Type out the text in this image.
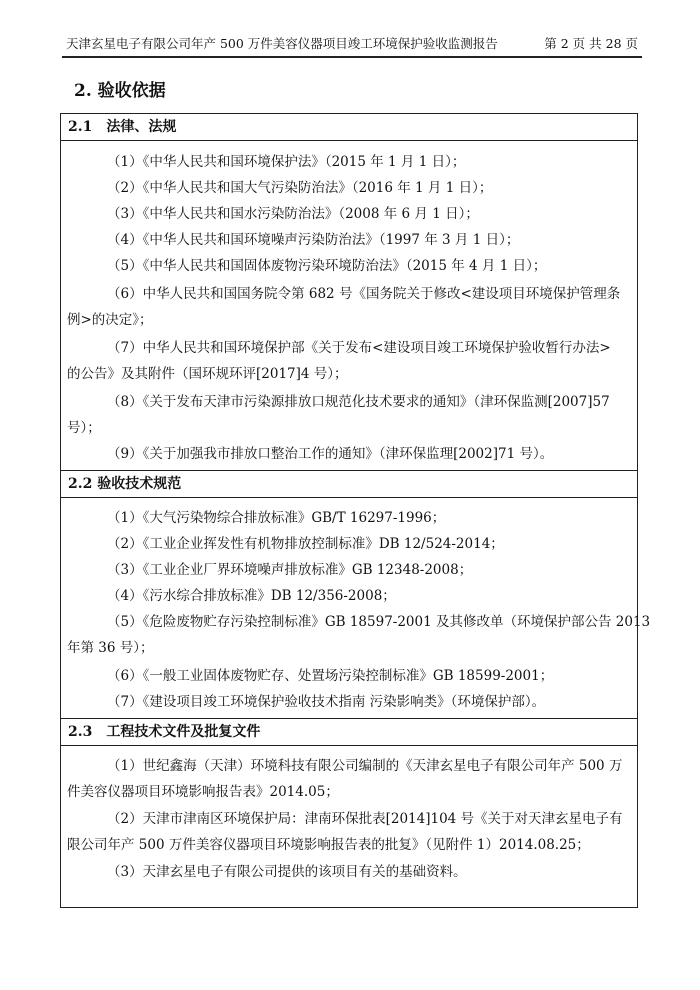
天津玄星电子有限公司年产 500 万件美容仪器项目竣工环境保护验收监测报告	第 2 页 共 28 页
2. 验收依据
2.1　法律、法规
（1）《中华人民共和国环境保护法》（2015 年 1 月 1 日）；
（2）《中华人民共和国大气污染防治法》（2016 年 1 月 1 日）；
（3）《中华人民共和国水污染防治法》（2008 年 6 月 1 日）；
（4）《中华人民共和国环境噪声污染防治法》（1997 年 3 月 1 日）；
（5）《中华人民共和国固体废物污染环境防治法》（2015 年 4 月 1 日）；
（6）中华人民共和国国务院令第 682 号《国务院关于修改<建设项目环境保护管理条
例>的决定》；
（7）中华人民共和国环境保护部《关于发布<建设项目竣工环境保护验收暂行办法>
的公告》及其附件（国环规环评[2017]4 号）；
（8）《关于发布天津市污染源排放口规范化技术要求的通知》（津环保监测[2007]57
号）；
（9）《关于加强我市排放口整治工作的通知》（津环保监理[2002]71 号）。
2.2 验收技术规范
（1）《大气污染物综合排放标准》GB/T 16297-1996；
（2）《工业企业挥发性有机物排放控制标准》DB 12/524-2014；
（3）《工业企业厂界环境噪声排放标准》GB 12348-2008；
（4）《污水综合排放标准》DB 12/356-2008；
（5）《危险废物贮存污染控制标准》GB 18597-2001 及其修改单（环境保护部公告 2013
年第 36 号）；
（6）《一般工业固体废物贮存、处置场污染控制标准》GB 18599-2001；
（7）《建设项目竣工环境保护验收技术指南 污染影响类》（环境保护部）。
2.3　工程技术文件及批复文件
（1）世纪鑫海（天津）环境科技有限公司编制的《天津玄星电子有限公司年产 500 万
件美容仪器项目环境影响报告表》2014.05；
（2）天津市津南区环境保护局：津南环保批表[2014]104 号《关于对天津玄星电子有
限公司年产 500 万件美容仪器项目环境影响报告表的批复》（见附件 1）2014.08.25；
（3）天津玄星电子有限公司提供的该项目有关的基础资料。
